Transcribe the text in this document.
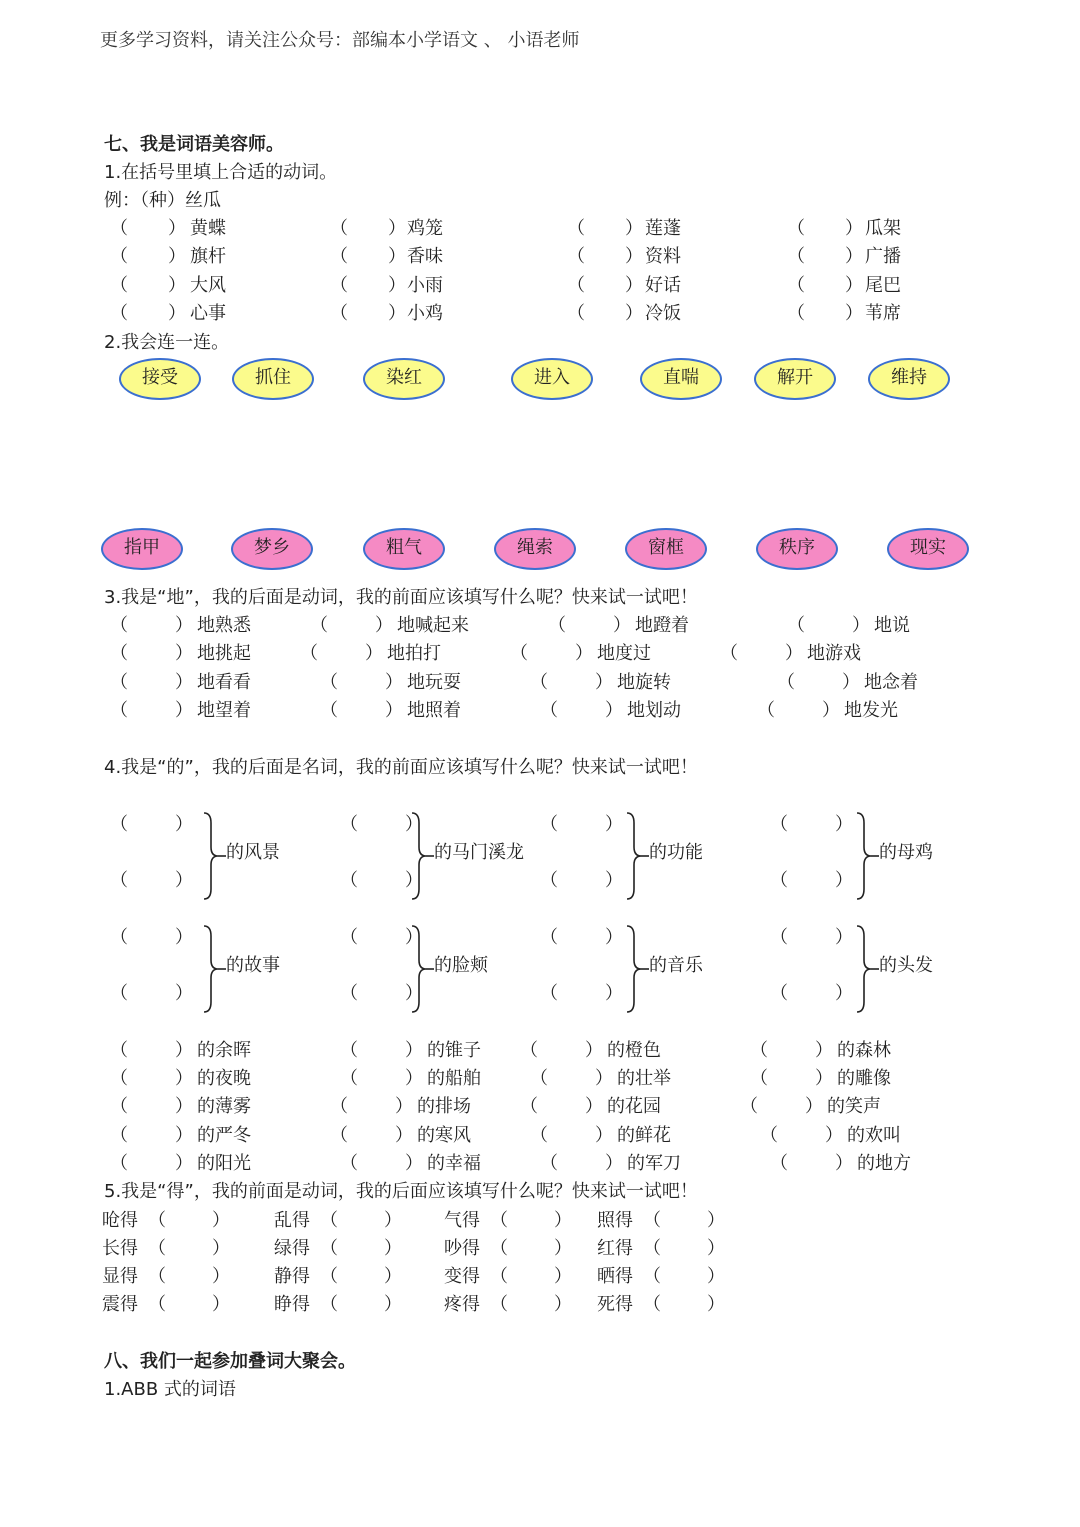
更多学习资料，请关注公众号：部编本小学语文 、 小语老师
七、我是词语美容师。
1.在括号里填上合适的动词。
例：（种）丝瓜
（ ） 黄蝶	（ ） 鸡笼	（ ） 莲蓬	（ ） 瓜架
（ ） 旗杆	（ ） 香味	（ ） 资料	（ ） 广播
（ ） 大风	（ ） 小雨	（ ） 好话	（ ） 尾巴
（ ） 心事	（ ） 小鸡	（ ） 冷饭	（ ） 苇席
2.我会连一连。
接受	抓住	染红	进入	直喘	解开	维持
指甲	梦乡	粗气	绳索	窗框	秩序	现实
3.我是“地”，我的后面是动词，我的前面应该填写什么呢？快来试一试吧！
（	） 地熟悉	（	） 地喊起来	（	） 地蹬着	（	） 地说
（	） 地挑起	（	） 地拍打	（	） 地度过	（	） 地游戏
（	） 地看看	（	） 地玩耍	（	） 地旋转	（	） 地念着
（	） 地望着	（	） 地照着	（	） 地划动	（	） 地发光
4.我是“的”，我的后面是名词，我的前面应该填写什么呢？快来试一试吧！
（	）
（	）
的风景
（	）
（	）
的马门溪龙
（	）
（	）
的功能
（	）
（	）
的母鸡
（	）
（	）
的故事
（	）
（	）
的脸颊
（	）
（	）
的音乐
（	）
（	）
的头发
（	） 的余晖	（	） 的锥子 （	） 的橙色	（	） 的森林
（	） 的夜晚	（	） 的船舶	（	） 的壮举	（	） 的雕像
（	） 的薄雾	（	） 的排场	（	） 的花园	（	） 的笑声
（	） 的严冬	（	） 的寒风	（	） 的鲜花	（	） 的欢叫
（	） 的阳光	（	） 的幸福	（	） 的军刀	（	） 的地方
5.我是“得”，我的前面是动词，我的后面应该填写什么呢？快来试一试吧！
呛得 （	） 乱得 （	） 气得 （	） 照得 （	）
长得 （	） 绿得 （	） 吵得 （	） 红得 （	）
显得 （	） 静得 （	） 变得 （	） 晒得 （	）
震得 （	） 睁得 （	） 疼得 （	） 死得 （	）
八、我们一起参加叠词大聚会。
1.ABB 式的词语
